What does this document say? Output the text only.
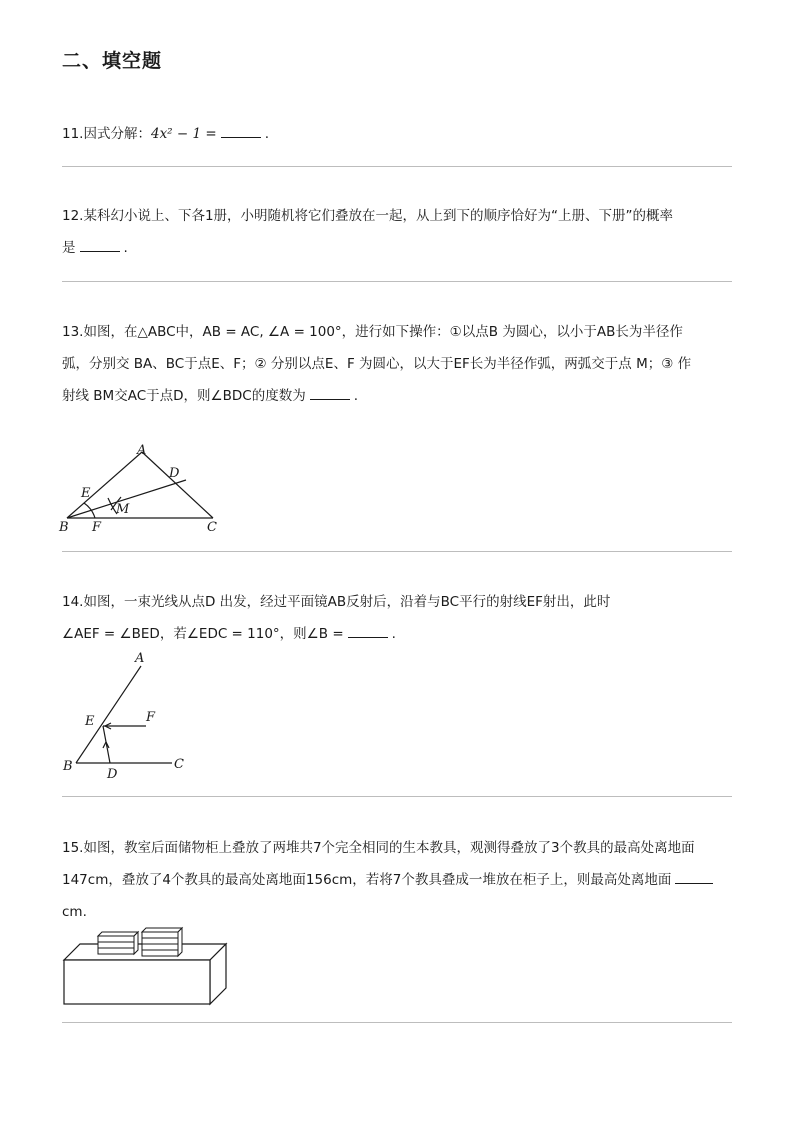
二、填空题
11.因式分解：4x² − 1 =	.
12.某科幻小说上、下各1册，小明随机将它们叠放在一起，从上到下的顺序恰好为“上册、下册”的概率
是	.
13.如图，在△ABC中，AB = AC, ∠A = 100°，进行如下操作：①以点B 为圆心，以小于AB长为半径作
弧，分别交 BA、BC于点E、F；② 分别以点E、F 为圆心，以大于EF长为半径作弧，两弧交于点 M；③ 作
射线 BM交AC于点D，则∠BDC的度数为	.
A
B	C
D
E
F
M
14.如图，一束光线从点D 出发，经过平面镜AB反射后，沿着与BC平行的射线EF射出，此时
∠AEF = ∠BED，若∠EDC = 110°，则∠B =	.
A
B	C
D
E	F
15.如图，教室后面储物柜上叠放了两堆共7个完全相同的生本教具，观测得叠放了3个教具的最高处离地面
147cm，叠放了4个教具的最高处离地面156cm，若将7个教具叠成一堆放在柜子上，则最高处离地面
cm.
